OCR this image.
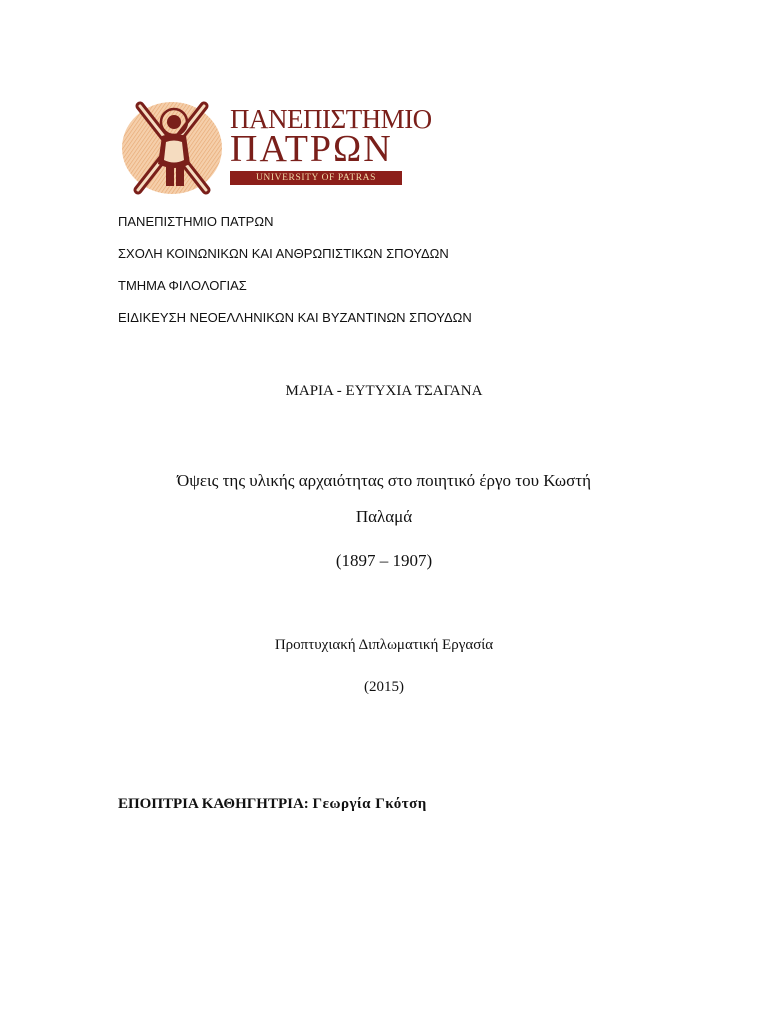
ΠΑΝΕΠΙΣΤΗΜΙΟ
ΠΑΤΡΩΝ
UNIVERSITY OF PATRAS
ΠΑΝΕΠΙΣΤΗΜΙΟ ΠΑΤΡΩΝ
ΣΧΟΛΗ ΚΟΙΝΩΝΙΚΩΝ ΚΑΙ ΑΝΘΡΩΠΙΣΤΙΚΩΝ ΣΠΟΥΔΩΝ
ΤΜΗΜΑ ΦΙΛΟΛΟΓΙΑΣ
ΕΙΔΙΚΕΥΣΗ ΝΕΟΕΛΛΗΝΙΚΩΝ ΚΑΙ ΒΥΖΑΝΤΙΝΩΝ ΣΠΟΥΔΩΝ
ΜΑΡΙΑ - ΕΥΤΥΧΙΑ ΤΣΑΓΑΝΑ
Όψεις της υλικής αρχαιότητας στο ποιητικό έργο του Κωστή
Παλαμά
(1897 – 1907)
Προπτυχιακή Διπλωματική Εργασία
(2015)
ΕΠΟΠΤΡΙΑ ΚΑΘΗΓΗΤΡΙΑ: Γεωργία Γκότση
